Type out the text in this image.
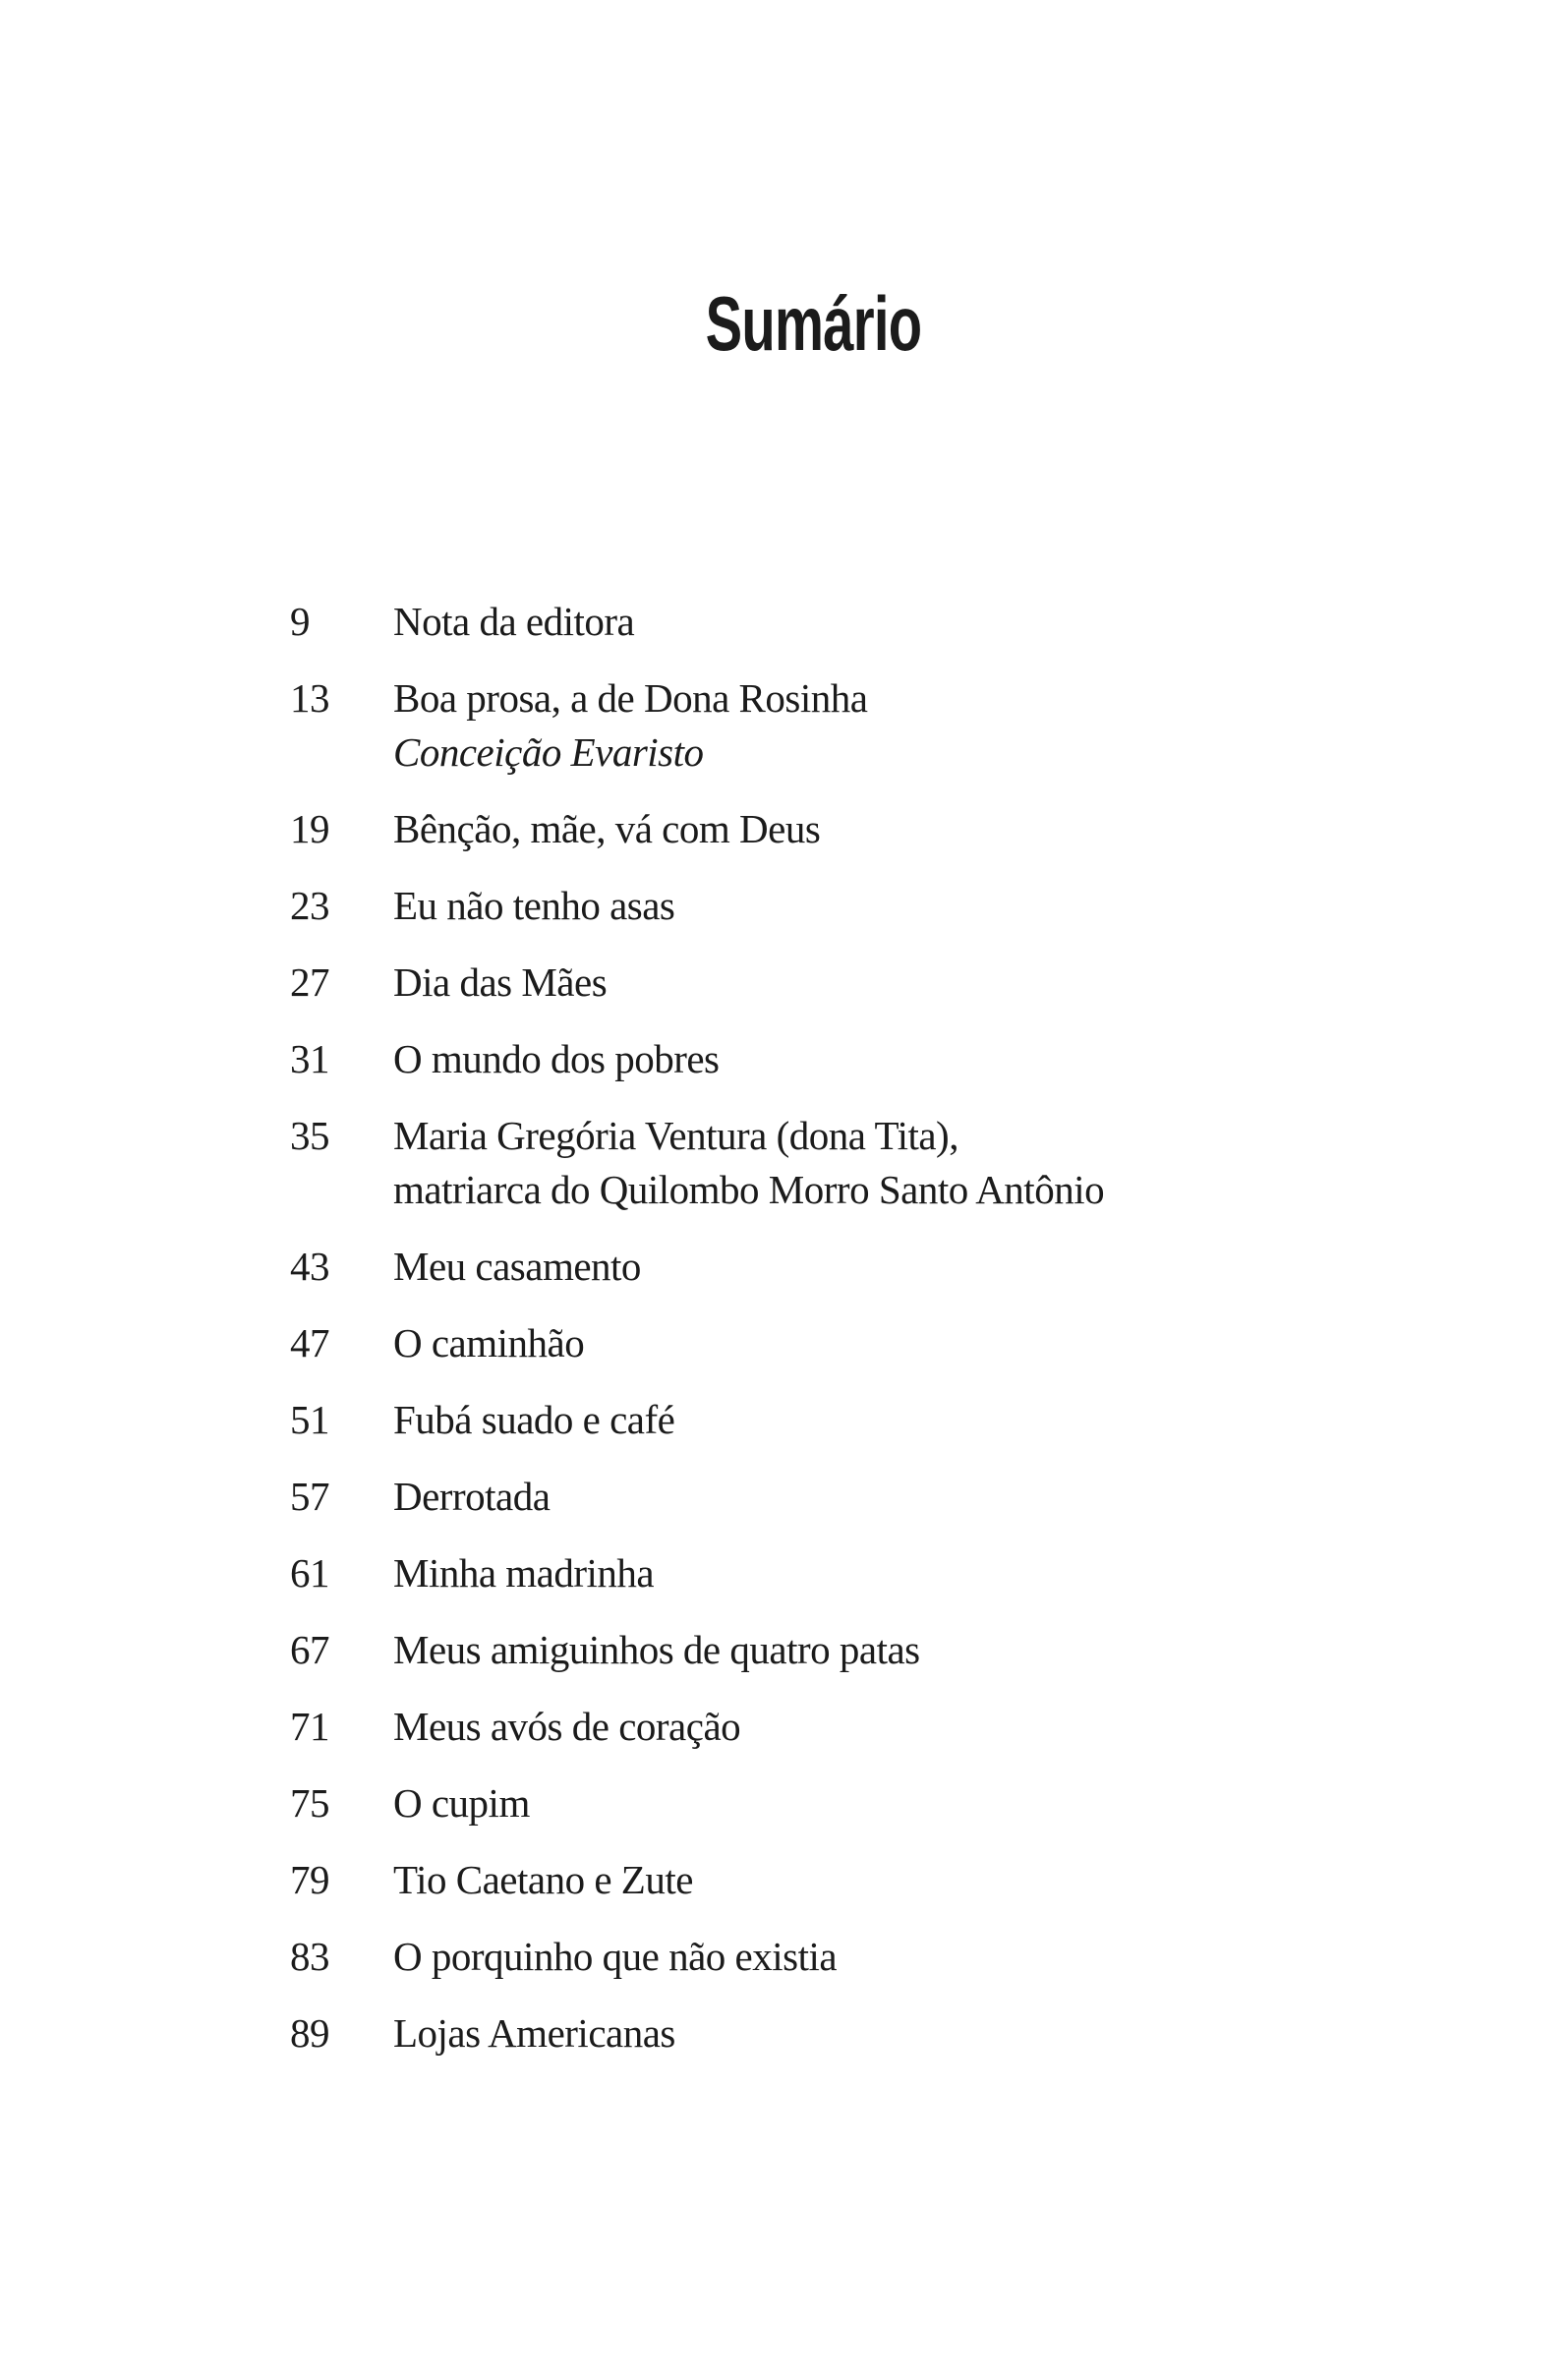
Sumário
9	Nota da editora
13	Boa prosa, a de Dona Rosinha
Conceição Evaristo
19	Bênção, mãe, vá com Deus
23	Eu não tenho asas
27	Dia das Mães
31	O mundo dos pobres
35	Maria Gregória Ventura (dona Tita),
matriarca do Quilombo Morro Santo Antônio
43	Meu casamento
47	O caminhão
51	Fubá suado e café
57	Derrotada
61	Minha madrinha
67	Meus amiguinhos de quatro patas
71	Meus avós de coração
75	O cupim
79	Tio Caetano e Zute
83	O porquinho que não existia
89	Lojas Americanas
